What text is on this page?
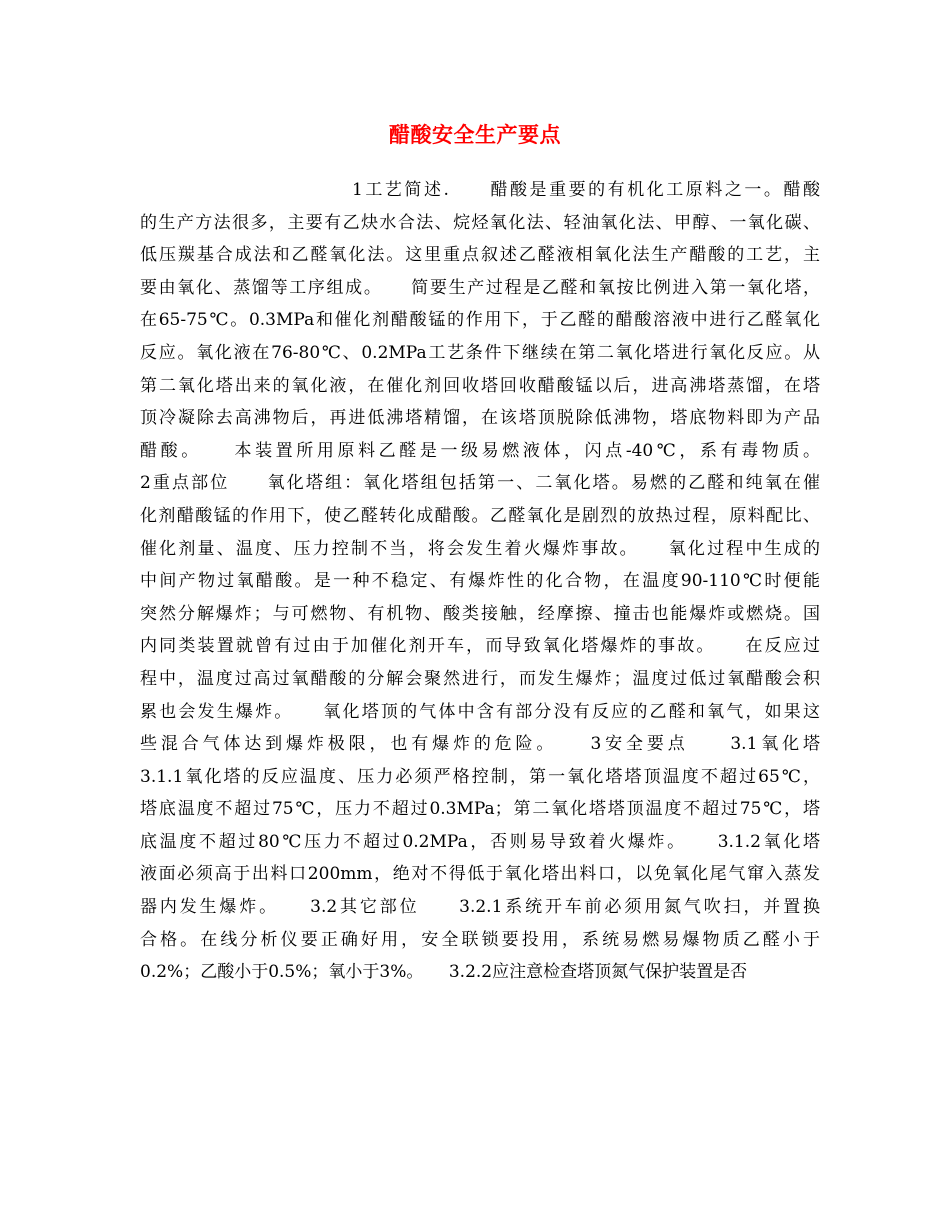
醋酸安全生产要点
1工艺简述.　　醋酸是重要的有机化工原料之一。醋酸
的生产方法很多，主要有乙炔水合法、烷烃氧化法、轻油氧化法、甲醇、一氧化碳、
低压羰基合成法和乙醛氧化法。这里重点叙述乙醛液相氧化法生产醋酸的工艺，主
要由氧化、蒸馏等工序组成。　　简要生产过程是乙醛和氧按比例进入第一氧化塔，
在65-75℃。0.3MPa和催化剂醋酸锰的作用下，于乙醛的醋酸溶液中进行乙醛氧化
反应。氧化液在76-80℃、0.2MPa工艺条件下继续在第二氧化塔进行氧化反应。从
第二氧化塔出来的氧化液，在催化剂回收塔回收醋酸锰以后，进高沸塔蒸馏，在塔
顶冷凝除去高沸物后，再进低沸塔精馏，在该塔顶脱除低沸物，塔底物料即为产品
醋酸。　　本装置所用原料乙醛是一级易燃液体，闪点-40℃，系有毒物质。
2重点部位　　氧化塔组：氧化塔组包括第一、二氧化塔。易燃的乙醛和纯氧在催
化剂醋酸锰的作用下，使乙醛转化成醋酸。乙醛氧化是剧烈的放热过程，原料配比、
催化剂量、温度、压力控制不当，将会发生着火爆炸事故。　　氧化过程中生成的
中间产物过氧醋酸。是一种不稳定、有爆炸性的化合物，在温度90-110℃时便能
突然分解爆炸；与可燃物、有机物、酸类接触，经摩擦、撞击也能爆炸或燃烧。国
内同类装置就曾有过由于加催化剂开车，而导致氧化塔爆炸的事故。　　在反应过
程中，温度过高过氧醋酸的分解会聚然进行，而发生爆炸；温度过低过氧醋酸会积
累也会发生爆炸。　　氧化塔顶的气体中含有部分没有反应的乙醛和氧气，如果这
些混合气体达到爆炸极限，也有爆炸的危险。　　3安全要点　　3.1氧化塔
3.1.1氧化塔的反应温度、压力必须严格控制，第一氧化塔塔顶温度不超过65℃，
塔底温度不超过75℃，压力不超过0.3MPa；第二氧化塔塔顶温度不超过75℃，塔
底温度不超过80℃压力不超过0.2MPa，否则易导致着火爆炸。　　3.1.2氧化塔
液面必须高于出料口200mm，绝对不得低于氧化塔出料口，以免氧化尾气窜入蒸发
器内发生爆炸。　　3.2其它部位　　3.2.1系统开车前必须用氮气吹扫，并置换
合格。在线分析仪要正确好用，安全联锁要投用，系统易燃易爆物质乙醛小于
0.2%；乙酸小于0.5%；氧小于3%。　　3.2.2应注意检查塔顶氮气保护装置是否
